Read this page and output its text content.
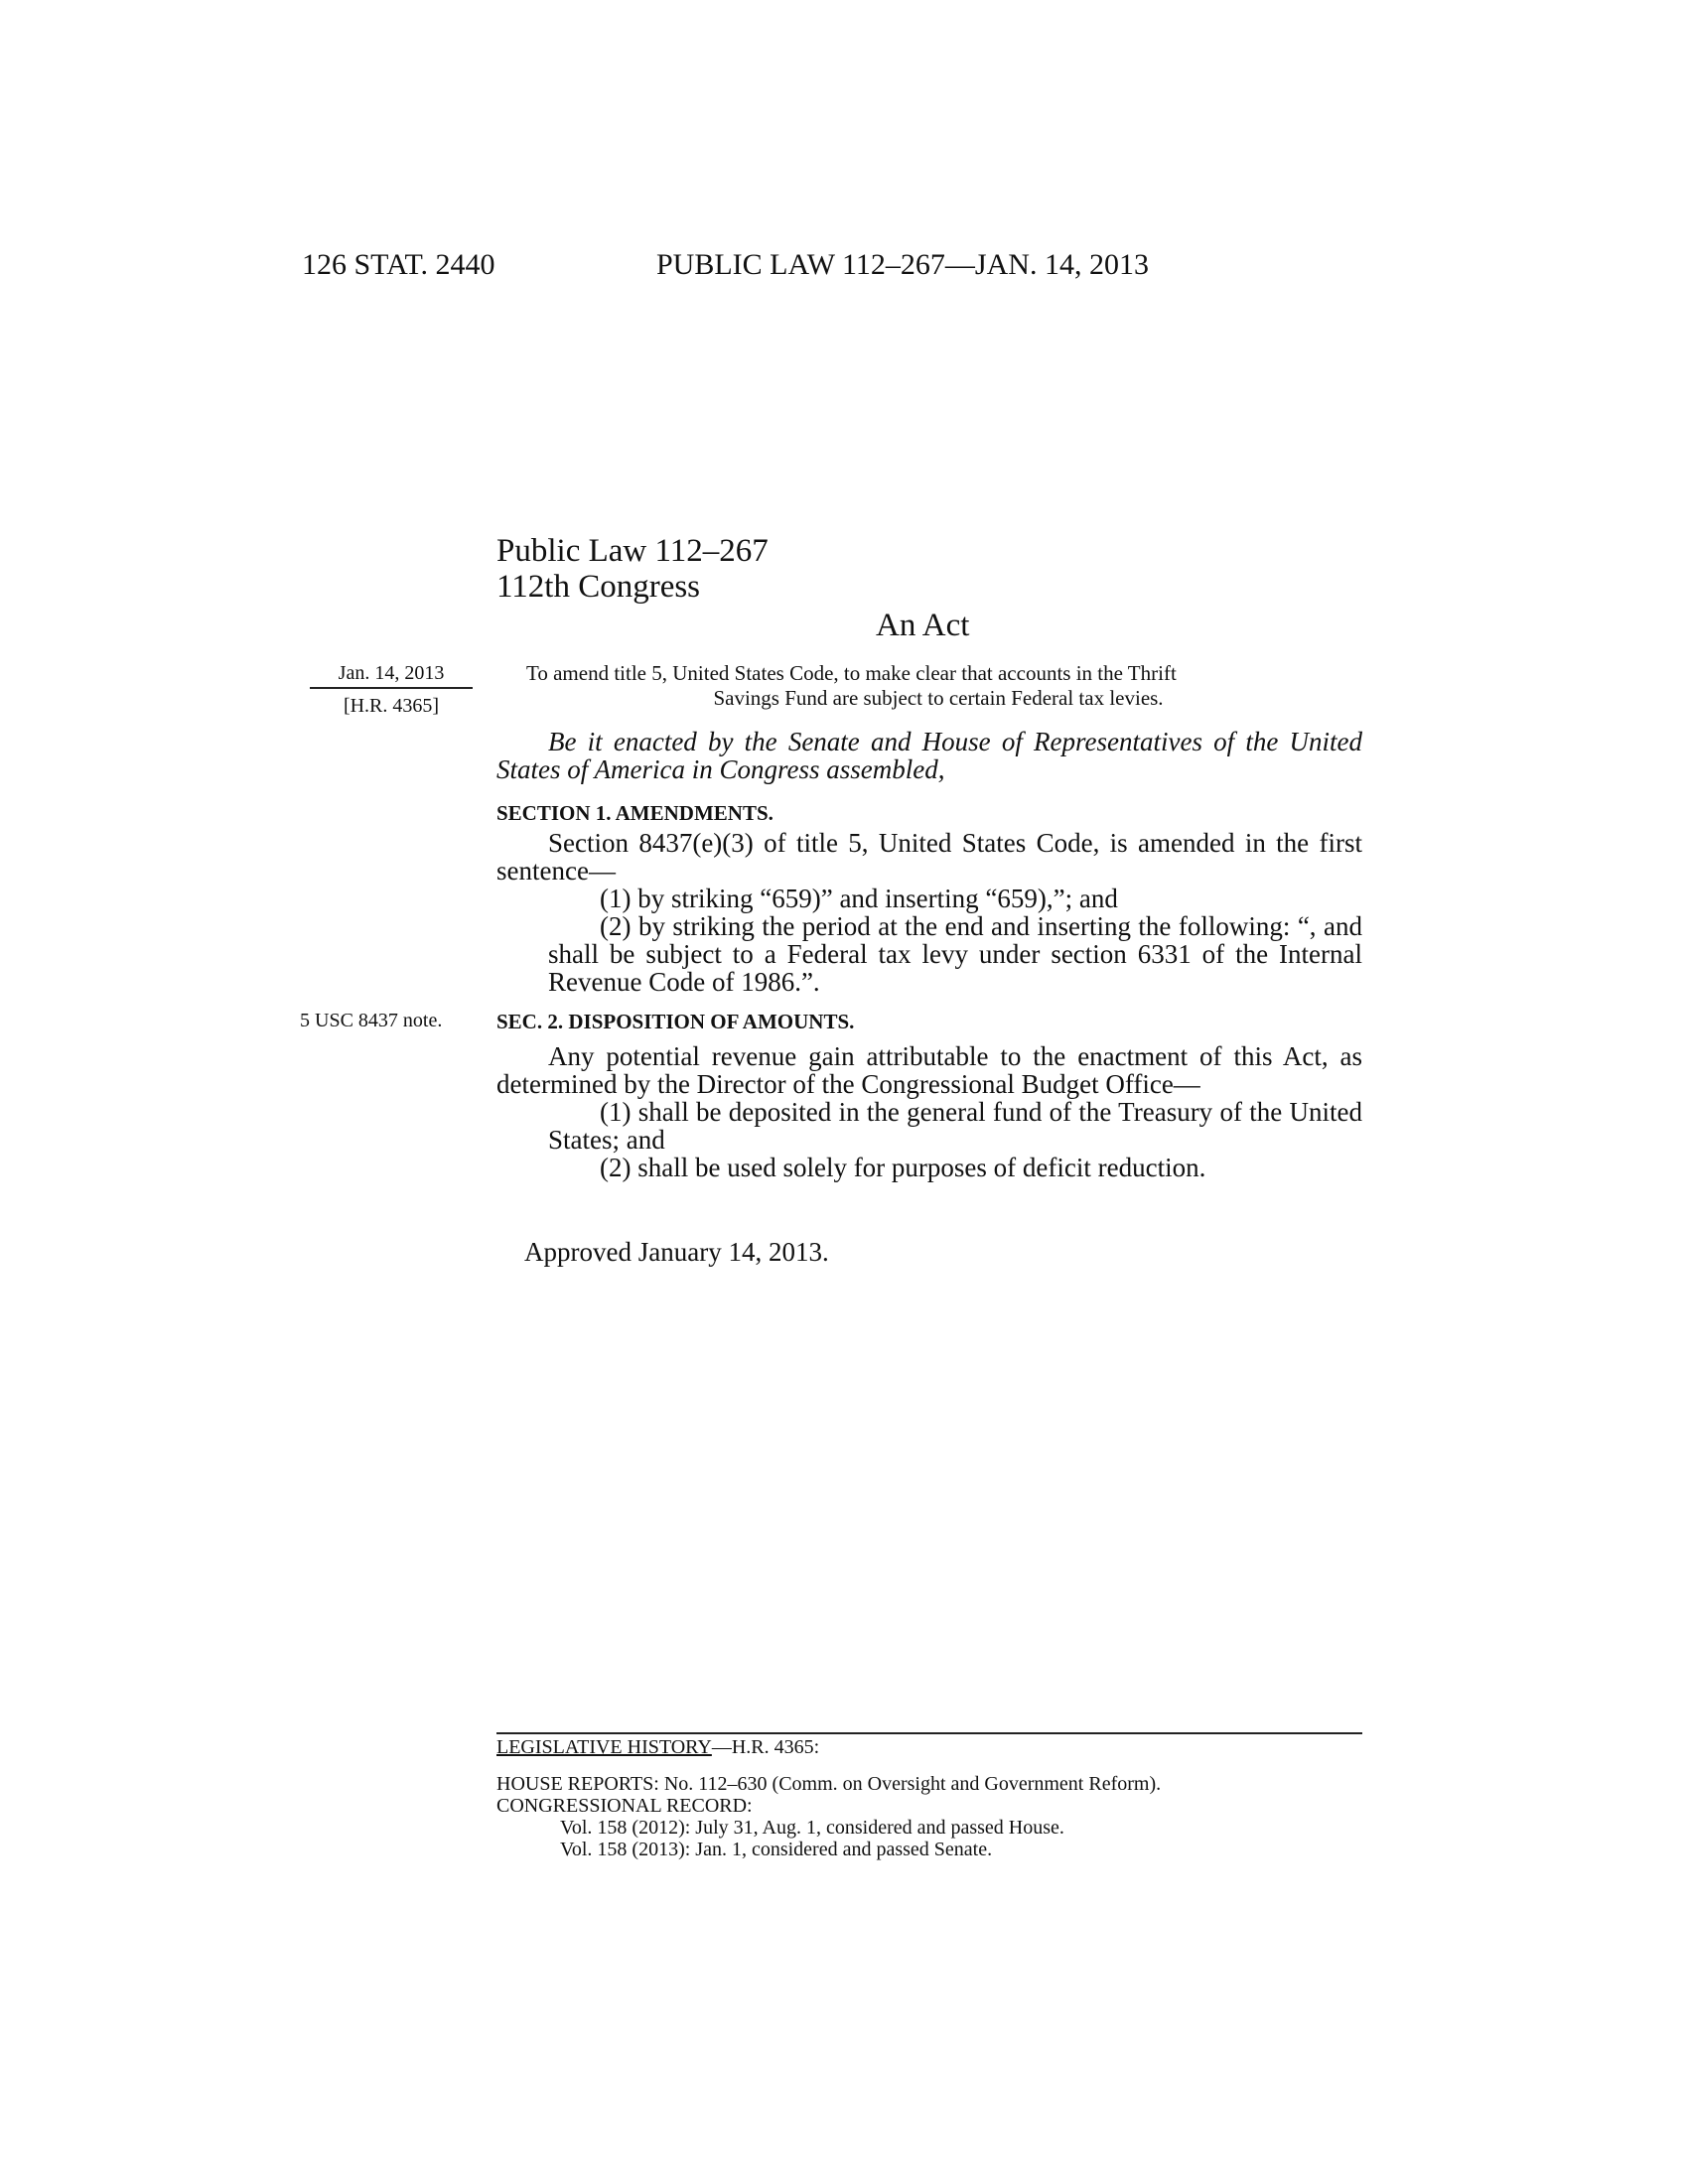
126 STAT. 2440	PUBLIC LAW 112–267—JAN. 14, 2013
Public Law 112–267
112th Congress
An Act
Jan. 14, 2013
[H.R. 4365]
5 USC 8437 note.
To amend title 5, United States Code, to make clear that accounts in the Thrift
Savings Fund are subject to certain Federal tax levies.
Be it enacted by the Senate and House of Representatives of the United States of America in Congress assembled,
SECTION 1. AMENDMENTS.
Section 8437(e)(3) of title 5, United States Code, is amended in the first sentence—
(1) by striking “659)” and inserting “659),”; and
(2) by striking the period at the end and inserting the following: “, and shall be subject to a Federal tax levy under section 6331 of the Internal Revenue Code of 1986.”.
SEC. 2. DISPOSITION OF AMOUNTS.
Any potential revenue gain attributable to the enactment of this Act, as determined by the Director of the Congressional Budget Office—
(1) shall be deposited in the general fund of the Treasury of the United States; and
(2) shall be used solely for purposes of deficit reduction.
Approved January 14, 2013.
LEGISLATIVE HISTORY—H.R. 4365:
HOUSE REPORTS: No. 112–630 (Comm. on Oversight and Government Reform).
CONGRESSIONAL RECORD:
Vol. 158 (2012): July 31, Aug. 1, considered and passed House.
Vol. 158 (2013): Jan. 1, considered and passed Senate.
